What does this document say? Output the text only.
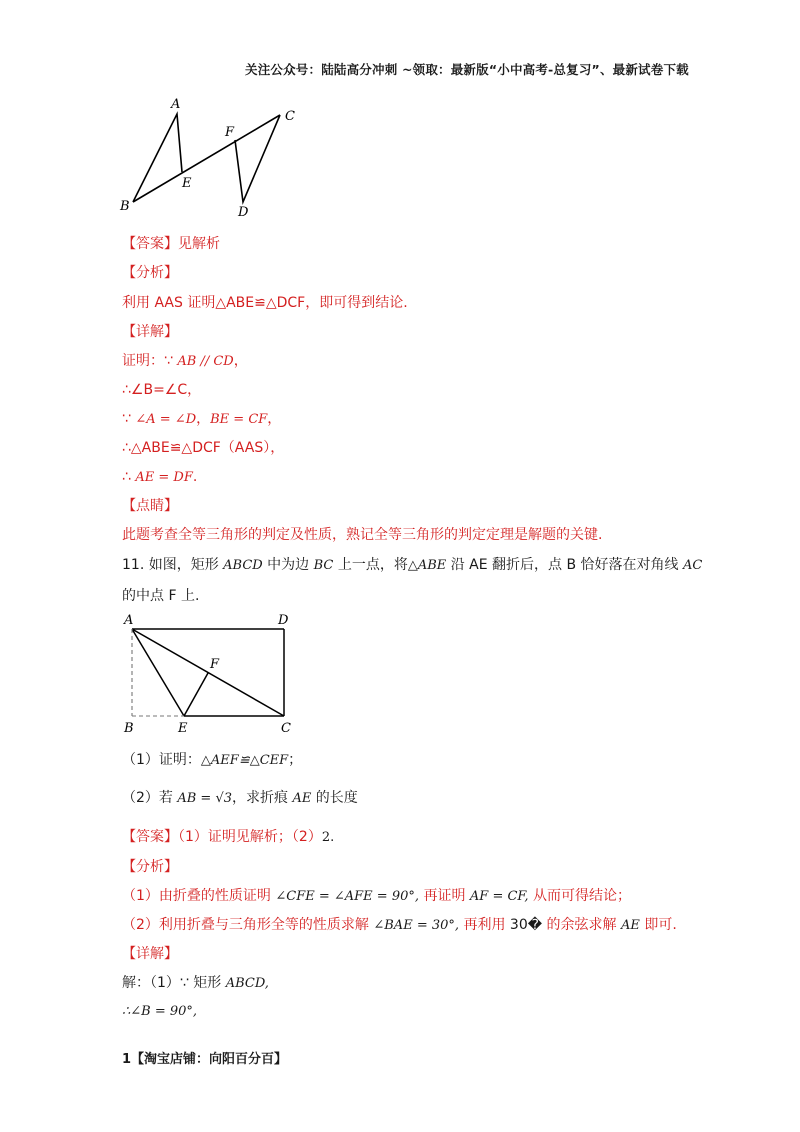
关注公众号：陆陆高分冲刺 ~领取：最新版“小中高考-总复习”、最新试卷下载
A
B
C
D
E
F
【答案】见解析
【分析】
利用 AAS 证明△ABE≌△DCF，即可得到结论.
【详解】
证明：∵ AB // CD，
∴∠B=∠C，
∵ ∠A = ∠D，BE = CF，
∴△ABE≌△DCF（AAS），
∴ AE = DF.
【点睛】
此题考查全等三角形的判定及性质，熟记全等三角形的判定定理是解题的关键.
11. 如图，矩形 ABCD 中为边 BC 上一点，将△ABE 沿 AE 翻折后，点 B 恰好落在对角线 AC
的中点 F 上.
A	D
B	E	C
F
（1）证明：△AEF≌△CEF；
（2）若 AB = √3，求折痕 AE 的长度
【答案】（1）证明见解析；（2）2.
【分析】
（1）由折叠的性质证明 ∠CFE = ∠AFE = 90°, 再证明 AF = CF, 从而可得结论；
（2）利用折叠与三角形全等的性质求解 ∠BAE = 30°, 再利用 30� 的余弦求解 AE 即可.
【详解】
解：（1）∵ 矩形 ABCD,
∴∠B = 90°,
1【淘宝店铺：向阳百分百】
